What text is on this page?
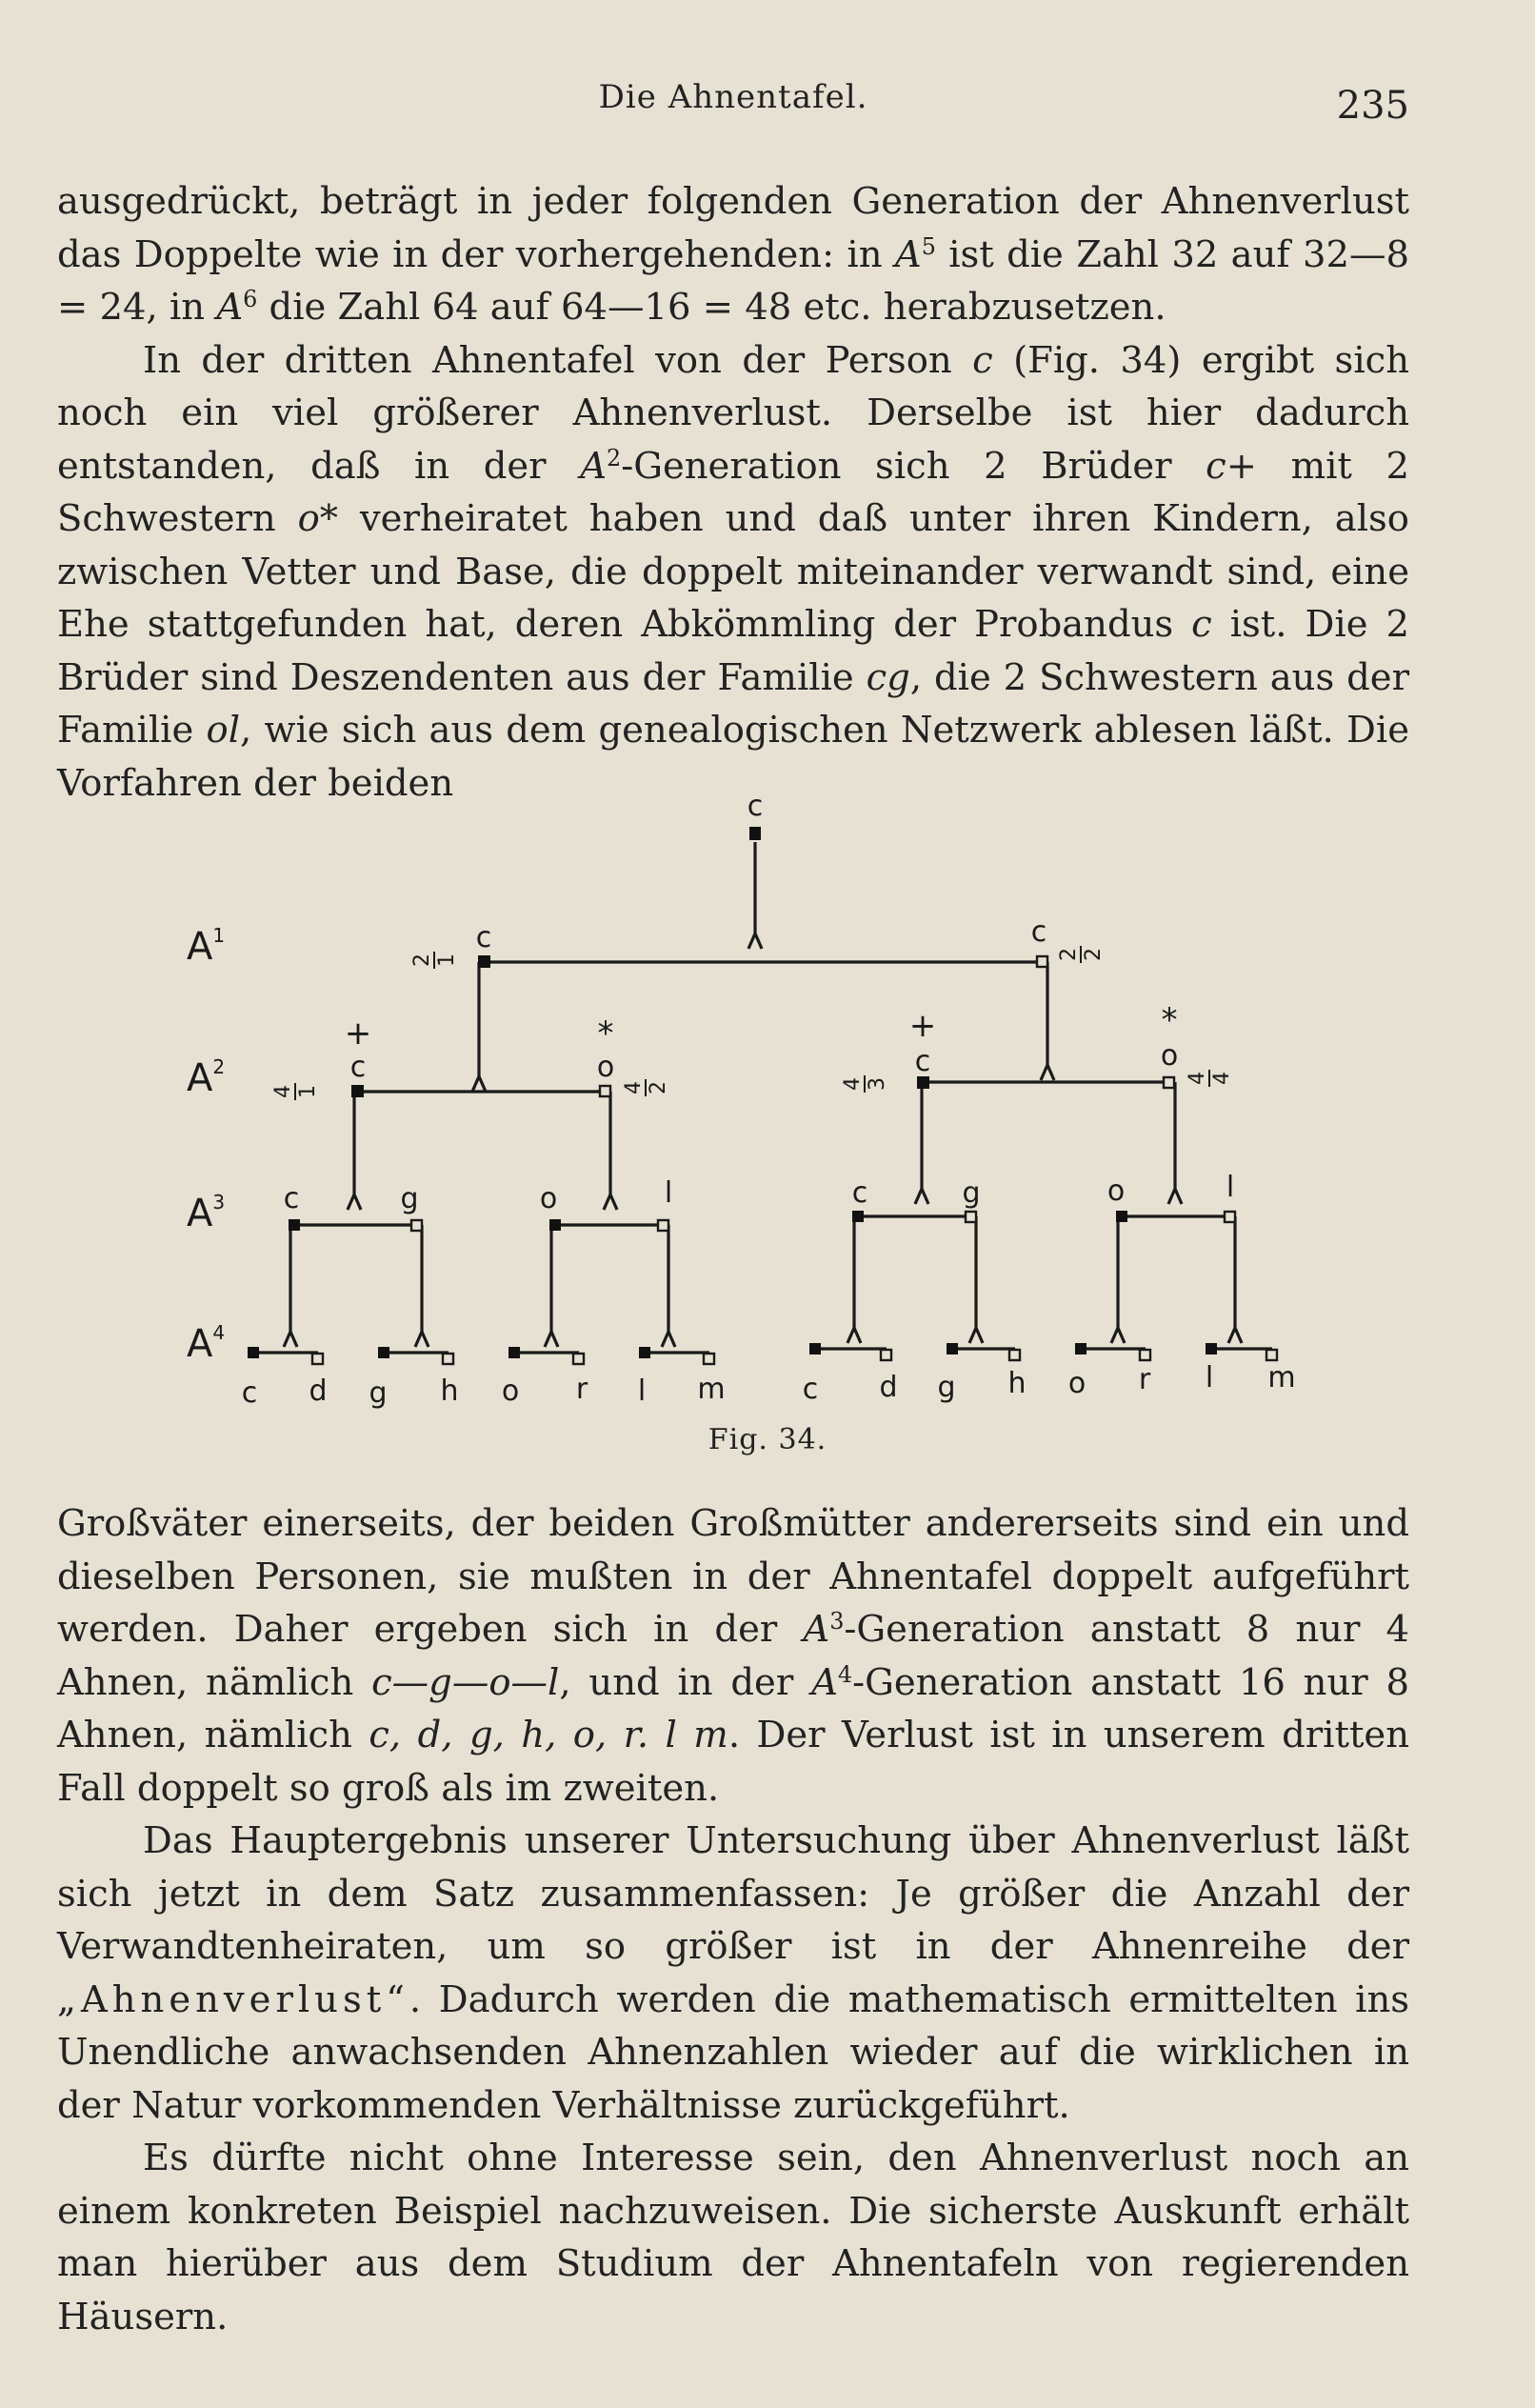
Die Ahnentafel.	235

ausgedrückt, beträgt in jeder folgenden Generation der Ahnenverlust das Doppelte wie in der vorhergehenden: in $A^5$ ist die Zahl 32 auf 32—8 = 24, in $A^6$ die Zahl 64 auf 64—16 = 48 etc. herabzusetzen.

In der dritten Ahnentafel von der Person c (Fig. 34) ergibt sich noch ein viel größerer Ahnenverlust. Derselbe ist hier dadurch entstanden, daß in der $A^2$-Generation sich 2 Brüder c+ mit 2 Schwestern o* verheiratet haben und daß unter ihren Kindern, also zwischen Vetter und Base, die doppelt miteinander verwandt sind, eine Ehe stattgefunden hat, deren Abkömmling der Probandus c ist. Die 2 Brüder sind Deszendenten aus der Familie cg, die 2 Schwestern aus der Familie ol, wie sich aus dem genealogischen Netzwerk ablesen läßt. Die Vorfahren der beiden

$A^1$
$A^2$
$A^3$
$A^4$
c
c	c
c	o	c	o
c	g	o	l	c	g	o	l
c d g h o r l m	c d g h o r l m
+	*	+	*
2 1	2 2
4 1	4 2	4 3	4 4
Fig. 34.

Großväter einerseits, der beiden Großmütter andererseits sind ein und dieselben Personen, sie mußten in der Ahnentafel doppelt aufgeführt werden. Daher ergeben sich in der $A^3$-Generation anstatt 8 nur 4 Ahnen, nämlich c—g—o—l, und in der $A^4$-Generation anstatt 16 nur 8 Ahnen, nämlich c, d, g, h, o, r. l m. Der Verlust ist in unserem dritten Fall doppelt so groß als im zweiten.

Das Hauptergebnis unserer Untersuchung über Ahnenverlust läßt sich jetzt in dem Satz zusammenfassen: Je größer die Anzahl der Verwandtenheiraten, um so größer ist in der Ahnenreihe der „Ahnenverlust“. Dadurch werden die mathematisch ermittelten ins Unendliche anwachsenden Ahnenzahlen wieder auf die wirklichen in der Natur vorkommenden Verhältnisse zurückgeführt.

Es dürfte nicht ohne Interesse sein, den Ahnenverlust noch an einem konkreten Beispiel nachzuweisen. Die sicherste Auskunft erhält man hierüber aus dem Studium der Ahnentafeln von regierenden Häusern.
